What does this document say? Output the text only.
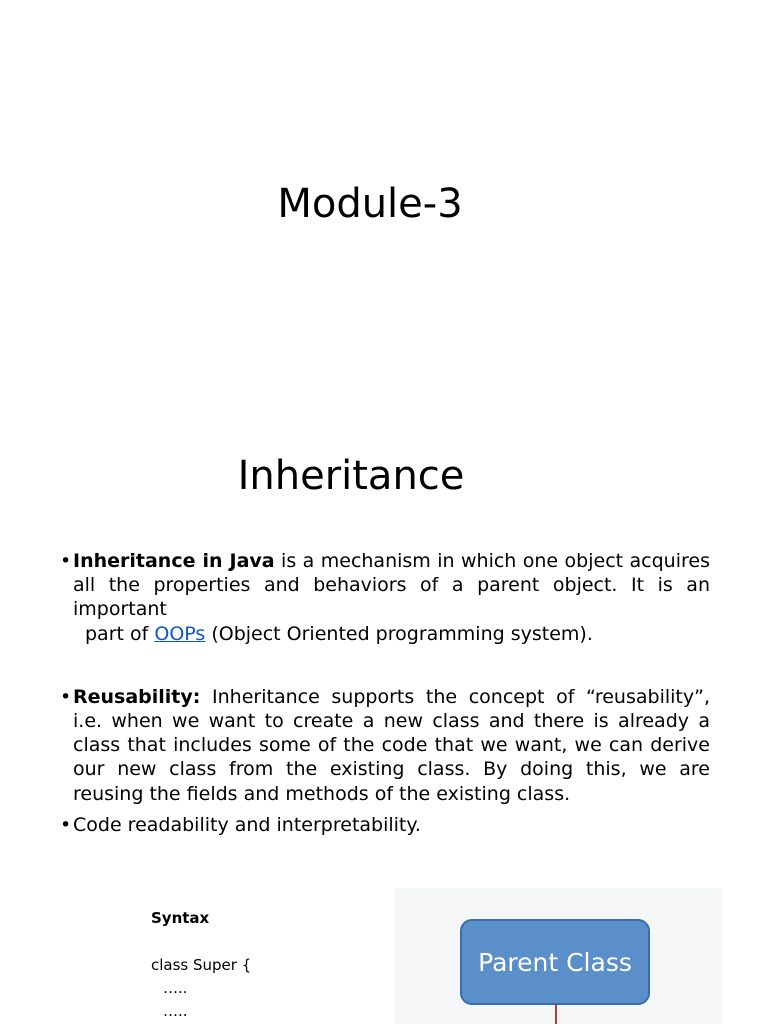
Module-3
Inheritance
• Inheritance in Java is a mechanism in which one object acquires all the properties and behaviors of a parent object. It is an important
part of OOPs (Object Oriented programming system).
• Reusability: Inheritance supports the concept of “reusability”, i.e. when we want to create a new class and there is already a class that includes some of the code that we want, we can derive our new class from the existing class. By doing this, we are reusing the fields and methods of the existing class.
• Code readability and interpretability.
Syntax
class Super {
…..
…..
Parent Class
